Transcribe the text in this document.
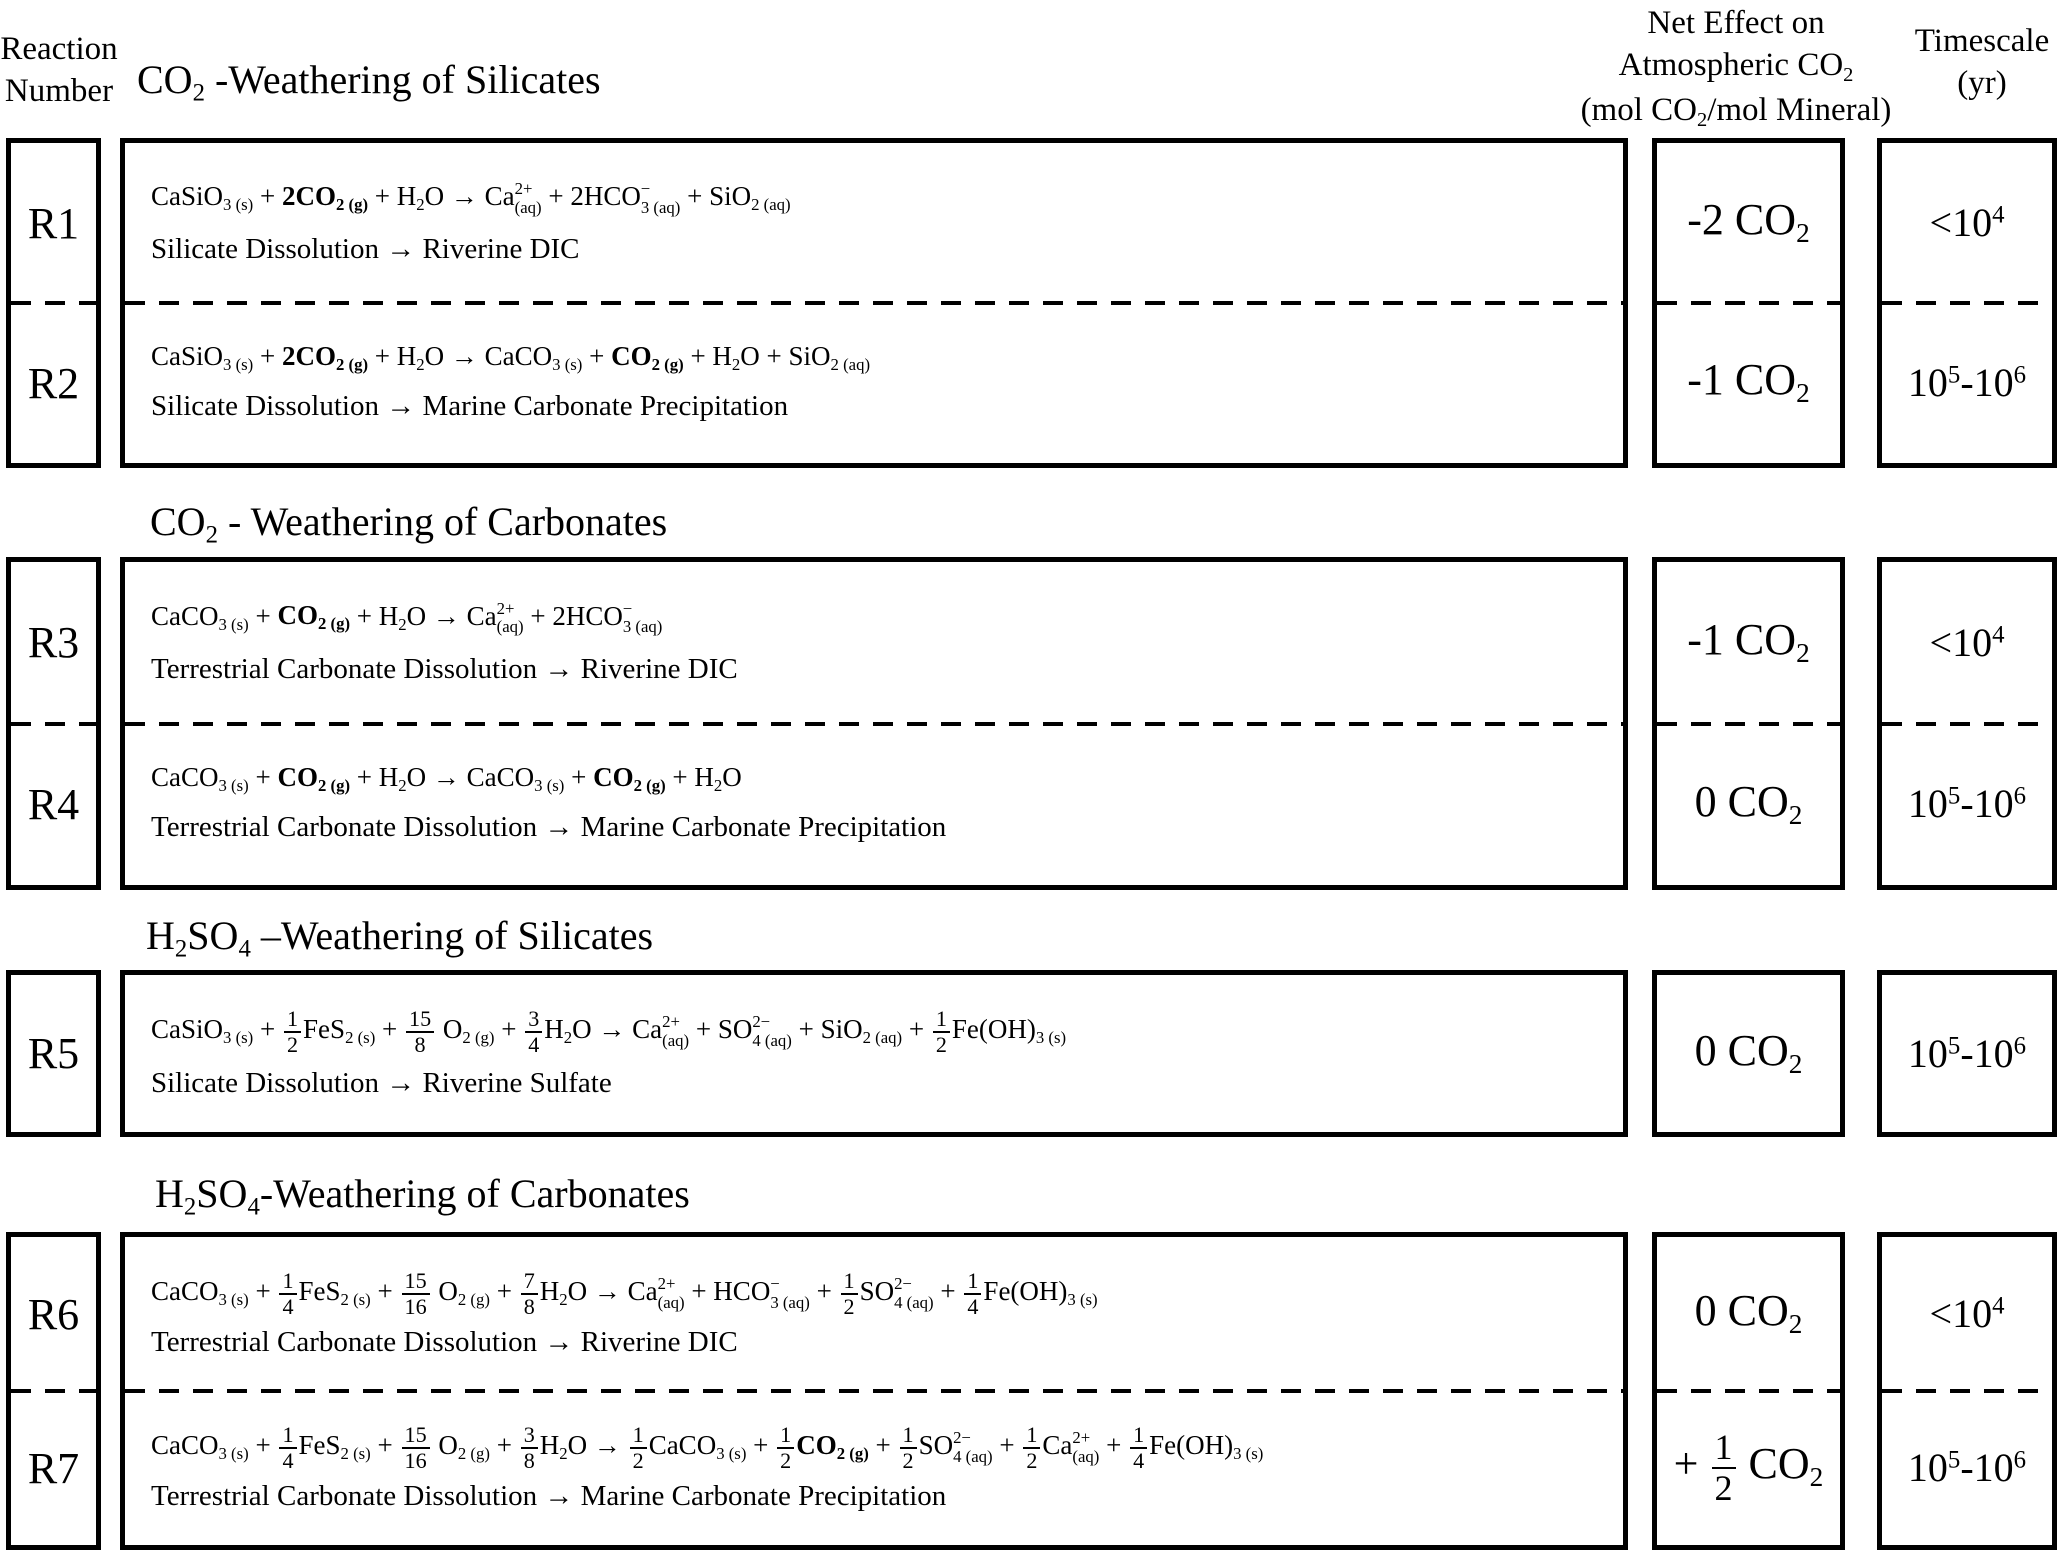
Reaction
Number
Net Effect on
Atmospheric CO2
(mol CO2/mol Mineral)
Timescale
(yr)
CO2 -Weathering of Silicates
CO2 - Weathering of Carbonates
H2SO4 –Weathering of Silicates
H2SO4-Weathering of Carbonates
R1
R2
CaSiO3 (s) + 2CO2 (g) + H2O → Ca 2+
(aq) + 2HCO −
3 (aq) + SiO2 (aq)
Silicate Dissolution → Riverine DIC
CaSiO3 (s) + 2CO2 (g) + H2O → CaCO3 (s) + CO2 (g) + H2O + SiO2 (aq)
Silicate Dissolution → Marine Carbonate Precipitation
-2 CO2
-1 CO2
$<10^4$
$10^5-10^6$
R3
R4
CaCO3 (s) + CO2 (g) + H2O → Ca 2+
(aq) + 2HCO −
3 (aq)
Terrestrial Carbonate Dissolution → Riverine DIC
CaCO3 (s) + CO2 (g) + H2O → CaCO3 (s) + CO2 (g) + H2O
Terrestrial Carbonate Dissolution → Marine Carbonate Precipitation
-1 CO2
0 CO2
$<10^4$
$10^5-10^6$
R5	CaSiO3 $(s) + \frac{1}{2} FeS2$ $(s) + \frac{15}{8} O2$ $(g) + \frac{3}{4} H2O \to Ca$ 2+
(aq) + SO 2−
4 (aq) + SiO2 $(aq) + \frac{1}{2} Fe(OH)3$ (s)
Silicate Dissolution → Riverine Sulfate
0 CO2	$10^5-10^6$
R6
R7
CaCO3 $(s) + \frac{1}{4} FeS2$ $(s) + \frac{15}{16} O2$ $(g) + \frac{7}{8} H2O \to Ca$ 2+
(aq) + HCO −
3 $(aq) + \frac{1}{2}$ SO 2−
4 $(aq) + \frac{1}{4} Fe(OH)3$ (s)
Terrestrial Carbonate Dissolution → Riverine DIC
CaCO3 $(s) + \frac{1}{4} FeS2$ $(s) + \frac{15}{16} O2$ $(g) + \frac{3}{8} H2O \to \frac{1}{2}$ CaCO3 $(s) + \frac{1}{2} CO2$ $(g) + \frac{1}{2}$ SO 2−
4 $(aq) + \frac{1}{2}$ Ca 2+
$(aq) + \frac{1}{4} Fe(OH)3$ (s)
Terrestrial Carbonate Dissolution → Marine Carbonate Precipitation
0 CO2
+ $\frac{1}{2} CO2$
$<10^4$
$10^5-10^6$
